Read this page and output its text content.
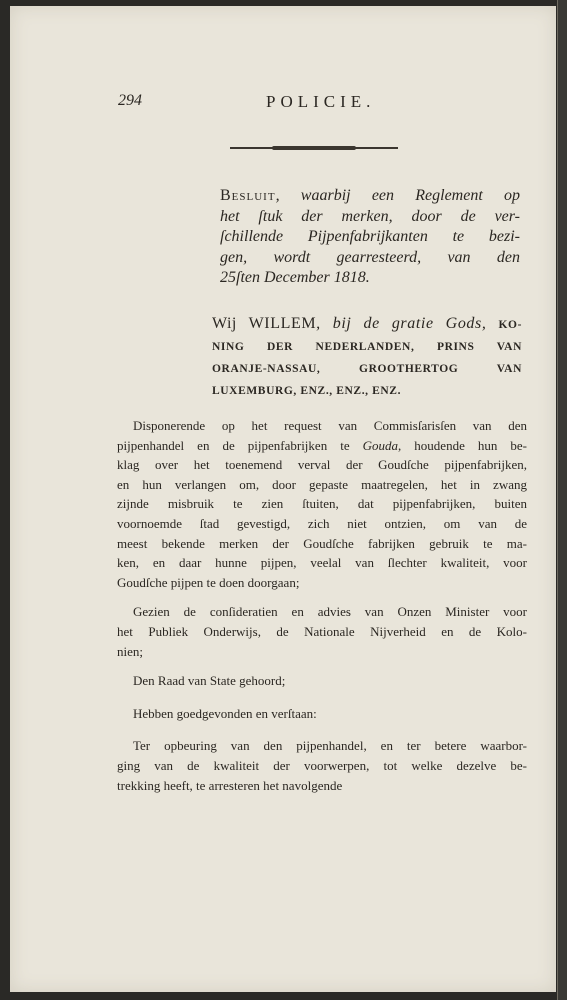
294	POLICIE.
Besluit, waarbij een Reglement op
het ſtuk der merken, door de ver-
ſchillende Pijpenfabrijkanten te bezi-
gen, wordt gearresteerd, van den
25ſten December 1818.
Wij WILLEM, bij de gratie Gods, KO-
NING DER NEDERLANDEN, PRINS VAN
ORANJE-NASSAU, GROOTHERTOG VAN
LUXEMBURG, ENZ., ENZ., ENZ.

Disponerende op het request van Commisſarisſen van den
pijpenhandel en de pijpenfabrijken te Gouda, houdende hun be-
klag over het toenemend verval der Goudſche pijpenfabrijken,
en hun verlangen om, door gepaste maatregelen, het in zwang
zijnde misbruik te zien ſtuiten, dat pijpenfabrijken, buiten
voornoemde ſtad gevestigd, zich niet ontzien, om van de
meest bekende merken der Goudſche fabrijken gebruik te ma-
ken, en daar hunne pijpen, veelal van ſlechter kwaliteit, voor
Goudſche pijpen te doen doorgaan;

Gezien de conſideratien en advies van Onzen Minister voor
het Publiek Onderwijs, de Nationale Nijverheid en de Kolo-
nien;

Den Raad van State gehoord;

Hebben goedgevonden en verſtaan:

Ter opbeuring van den pijpenhandel, en ter betere waarbor-
ging van de kwaliteit der voorwerpen, tot welke dezelve be-
trekking heeft, te arresteren het navolgende
